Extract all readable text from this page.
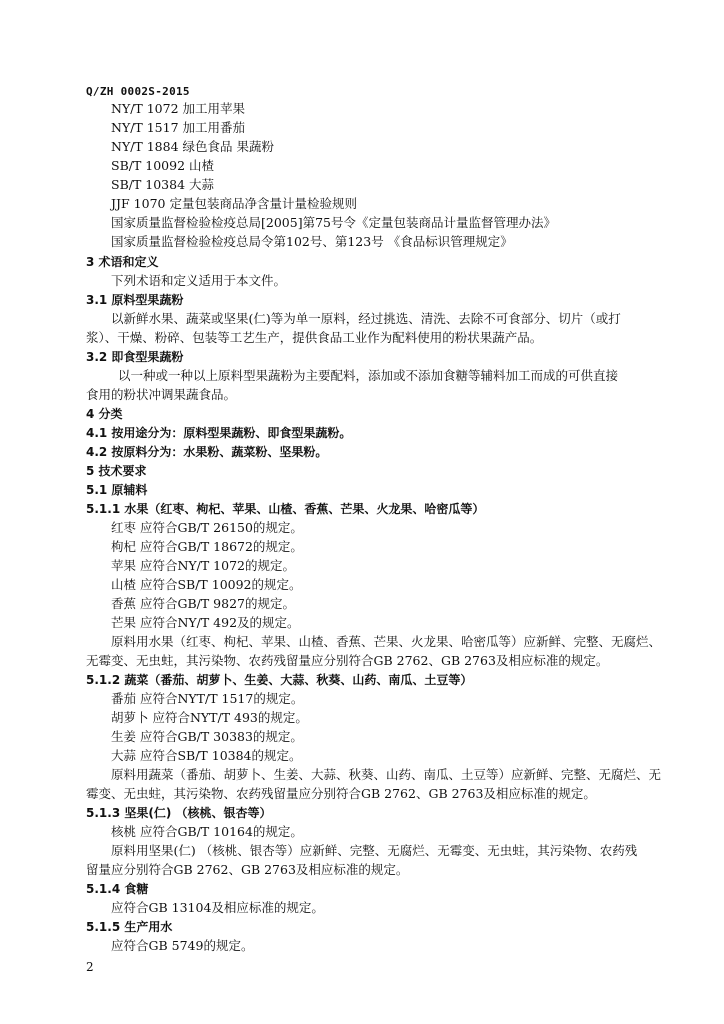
Q/ZH 0002S-2015
NY/T 1072 加工用苹果
NY/T 1517 加工用番茄
NY/T 1884 绿色食品 果蔬粉
SB/T 10092 山楂
SB/T 10384 大蒜
JJF 1070 定量包装商品净含量计量检验规则
国家质量监督检验检疫总局[2005]第75号令《定量包装商品计量监督管理办法》
国家质量监督检验检疫总局令第102号、第123号 《食品标识管理规定》
3 术语和定义
下列术语和定义适用于本文件。
3.1 原料型果蔬粉
以新鲜水果、蔬菜或坚果(仁)等为单一原料，经过挑选、清洗、去除不可食部分、切片（或打
浆）、干燥、粉碎、包装等工艺生产，提供食品工业作为配料使用的粉状果蔬产品。
3.2 即食型果蔬粉
以一种或一种以上原料型果蔬粉为主要配料，添加或不添加食糖等辅料加工而成的可供直接
食用的粉状冲调果蔬食品。
4 分类
4.1 按用途分为：原料型果蔬粉、即食型果蔬粉。
4.2 按原料分为：水果粉、蔬菜粉、坚果粉。
5 技术要求
5.1 原辅料
5.1.1 水果（红枣、枸杞、苹果、山楂、香蕉、芒果、火龙果、哈密瓜等）
红枣 应符合GB/T 26150的规定。
枸杞 应符合GB/T 18672的规定。
苹果 应符合NY/T 1072的规定。
山楂 应符合SB/T 10092的规定。
香蕉 应符合GB/T 9827的规定。
芒果 应符合NY/T 492及的规定。
原料用水果（红枣、枸杞、苹果、山楂、香蕉、芒果、火龙果、哈密瓜等）应新鲜、完整、无腐烂、
无霉变、无虫蛀，其污染物、农药残留量应分别符合GB 2762、GB 2763及相应标准的规定。
5.1.2 蔬菜（番茄、胡萝卜、生姜、大蒜、秋葵、山药、南瓜、土豆等）
番茄 应符合NYT/T 1517的规定。
胡萝卜 应符合NYT/T 493的规定。
生姜 应符合GB/T 30383的规定。
大蒜 应符合SB/T 10384的规定。
原料用蔬菜（番茄、胡萝卜、生姜、大蒜、秋葵、山药、南瓜、土豆等）应新鲜、完整、无腐烂、无
霉变、无虫蛀，其污染物、农药残留量应分别符合GB 2762、GB 2763及相应标准的规定。
5.1.3 坚果(仁) （核桃、银杏等）
核桃 应符合GB/T 10164的规定。
原料用坚果(仁) （核桃、银杏等）应新鲜、完整、无腐烂、无霉变、无虫蛀，其污染物、农药残
留量应分别符合GB 2762、GB 2763及相应标准的规定。
5.1.4 食糖
应符合GB 13104及相应标准的规定。
5.1.5 生产用水
应符合GB 5749的规定。
2
